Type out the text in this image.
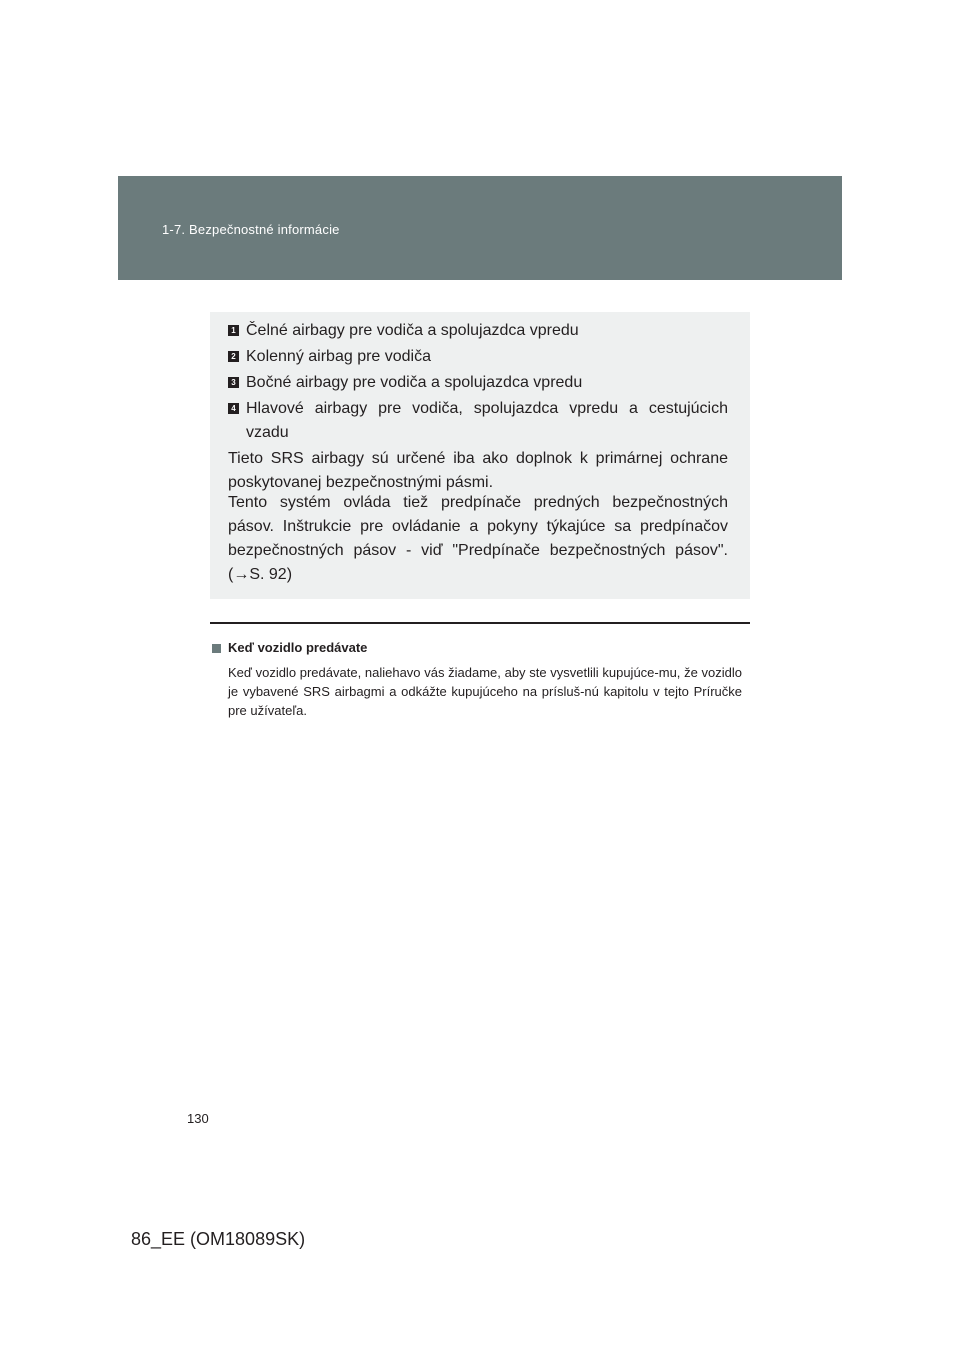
1-7. Bezpečnostné informácie
1 Čelné airbagy pre vodiča a spolujazdca vpredu
2 Kolenný airbag pre vodiča
3 Bočné airbagy pre vodiča a spolujazdca vpredu
4 Hlavové airbagy pre vodiča, spolujazdca vpredu a cestujúcich vzadu
Tieto SRS airbagy sú určené iba ako doplnok k primárnej ochrane poskytovanej bezpečnostnými pásmi.
Tento systém ovláda tiež predpínače predných bezpečnostných pásov. Inštrukcie pre ovládanie a pokyny týkajúce sa predpínačov bezpečnostných pásov - viď "Predpínače bezpečnostných pásov". (→S. 92)
Keď vozidlo predávate
Keď vozidlo predávate, naliehavo vás žiadame, aby ste vysvetlili kupujúce-mu, že vozidlo je vybavené SRS airbagmi a odkážte kupujúceho na prísluš-nú kapitolu v tejto Príručke pre užívateľa.
130
86_EE (OM18089SK)
